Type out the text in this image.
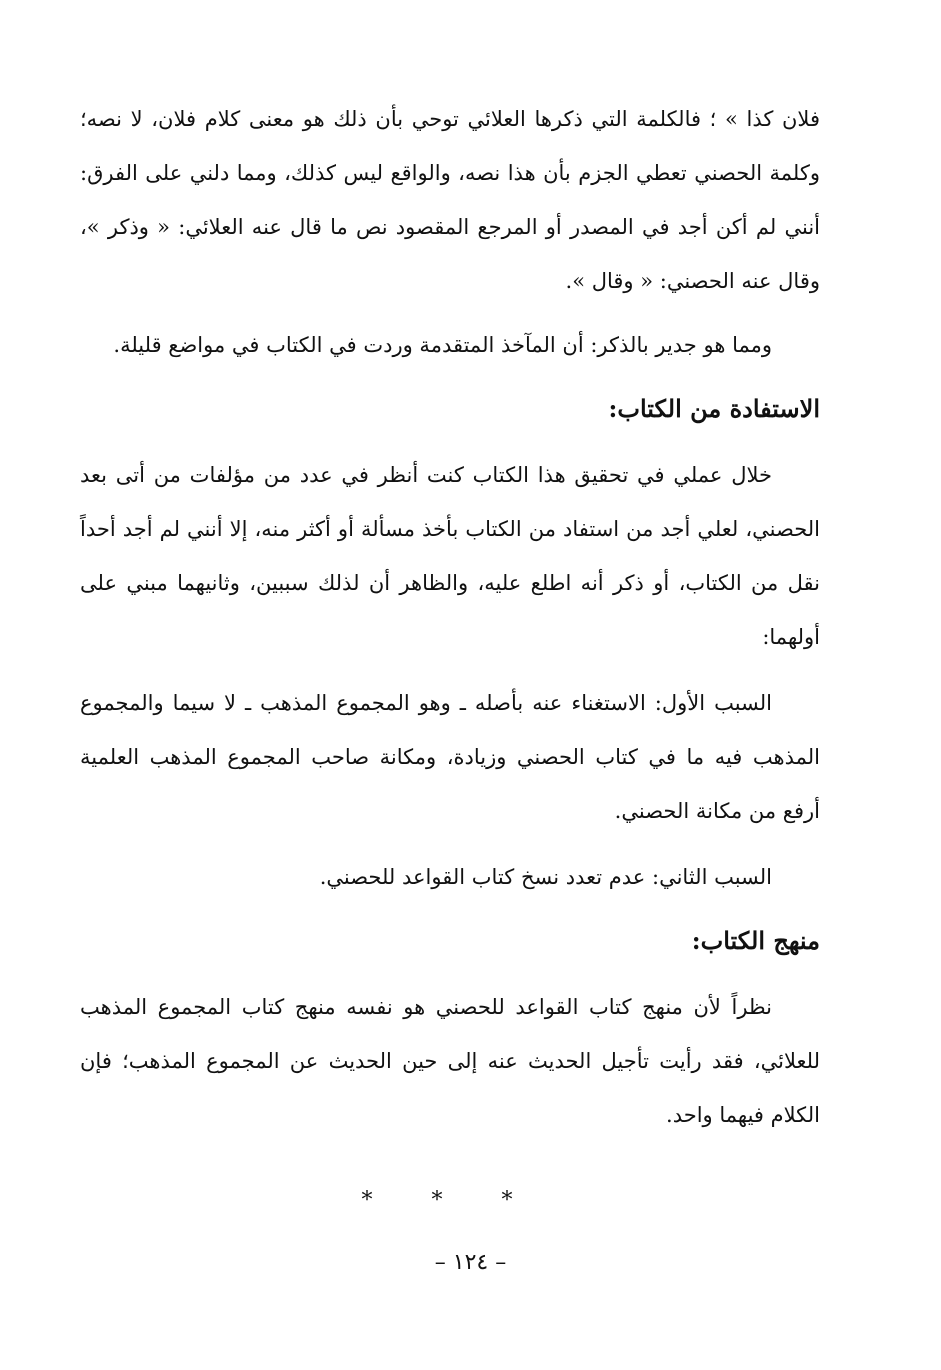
فلان كذا » ؛ فالكلمة التي ذكرها العلائي توحي بأن ذلك هو معنى كلام فلان، لا نصه؛ وكلمة الحصني تعطي الجزم بأن هذا نصه، والواقع ليس كذلك، ومما دلني على الفرق: أنني لم أكن أجد في المصدر أو المرجع المقصود نص ما قال عنه العلائي: « وذكر »، وقال عنه الحصني: « وقال ».

ومما هو جدير بالذكر: أن المآخذ المتقدمة وردت في الكتاب في مواضع قليلة.

الاستفادة من الكتاب:

خلال عملي في تحقيق هذا الكتاب كنت أنظر في عدد من مؤلفات من أتى بعد الحصني، لعلي أجد من استفاد من الكتاب بأخذ مسألة أو أكثر منه، إلا أنني لم أجد أحداً نقل من الكتاب، أو ذكر أنه اطلع عليه، والظاهر أن لذلك سببين، وثانيهما مبني على أولهما:

السبب الأول: الاستغناء عنه بأصله ـ وهو المجموع المذهب ـ لا سيما والمجموع المذهب فيه ما في كتاب الحصني وزيادة، ومكانة صاحب المجموع المذهب العلمية أرفع من مكانة الحصني.

السبب الثاني: عدم تعدد نسخ كتاب القواعد للحصني.

منهج الكتاب:

نظراً لأن منهج كتاب القواعد للحصني هو نفسه منهج كتاب المجموع المذهب للعلائي، فقد رأيت تأجيل الحديث عنه إلى حين الحديث عن المجموع المذهب؛ فإن الكلام فيهما واحد.

* * *
– ١٢٤ –
